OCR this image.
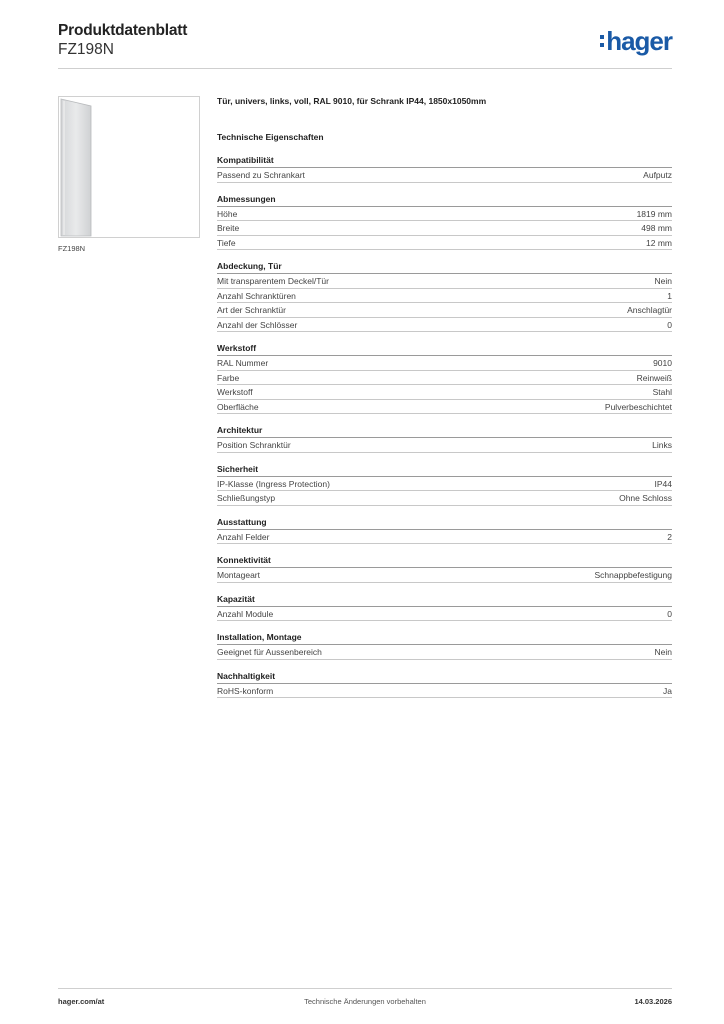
Produktdatenblatt
FZ198N	hager
FZ198N
Tür, univers, links, voll, RAL 9010, für Schrank IP44, 1850x1050mm
Technische Eigenschaften
Kompatibilität
Passend zu Schrankart	Aufputz
Abmessungen
Höhe	1819 mm
Breite	498 mm
Tiefe	12 mm
Abdeckung, Tür
Mit transparentem Deckel/Tür	Nein
Anzahl Schranktüren	1
Art der Schranktür	Anschlagtür
Anzahl der Schlösser	0
Werkstoff
RAL Nummer	9010
Farbe	Reinweiß
Werkstoff	Stahl
Oberfläche	Pulverbeschichtet
Architektur
Position Schranktür	Links
Sicherheit
IP-Klasse (Ingress Protection)	IP44
Schließungstyp	Ohne Schloss
Ausstattung
Anzahl Felder	2
Konnektivität
Montageart	Schnappbefestigung
Kapazität
Anzahl Module	0
Installation, Montage
Geeignet für Aussenbereich	Nein
Nachhaltigkeit
RoHS-konform	Ja
hager.com/at	Technische Änderungen vorbehalten	14.03.2026
